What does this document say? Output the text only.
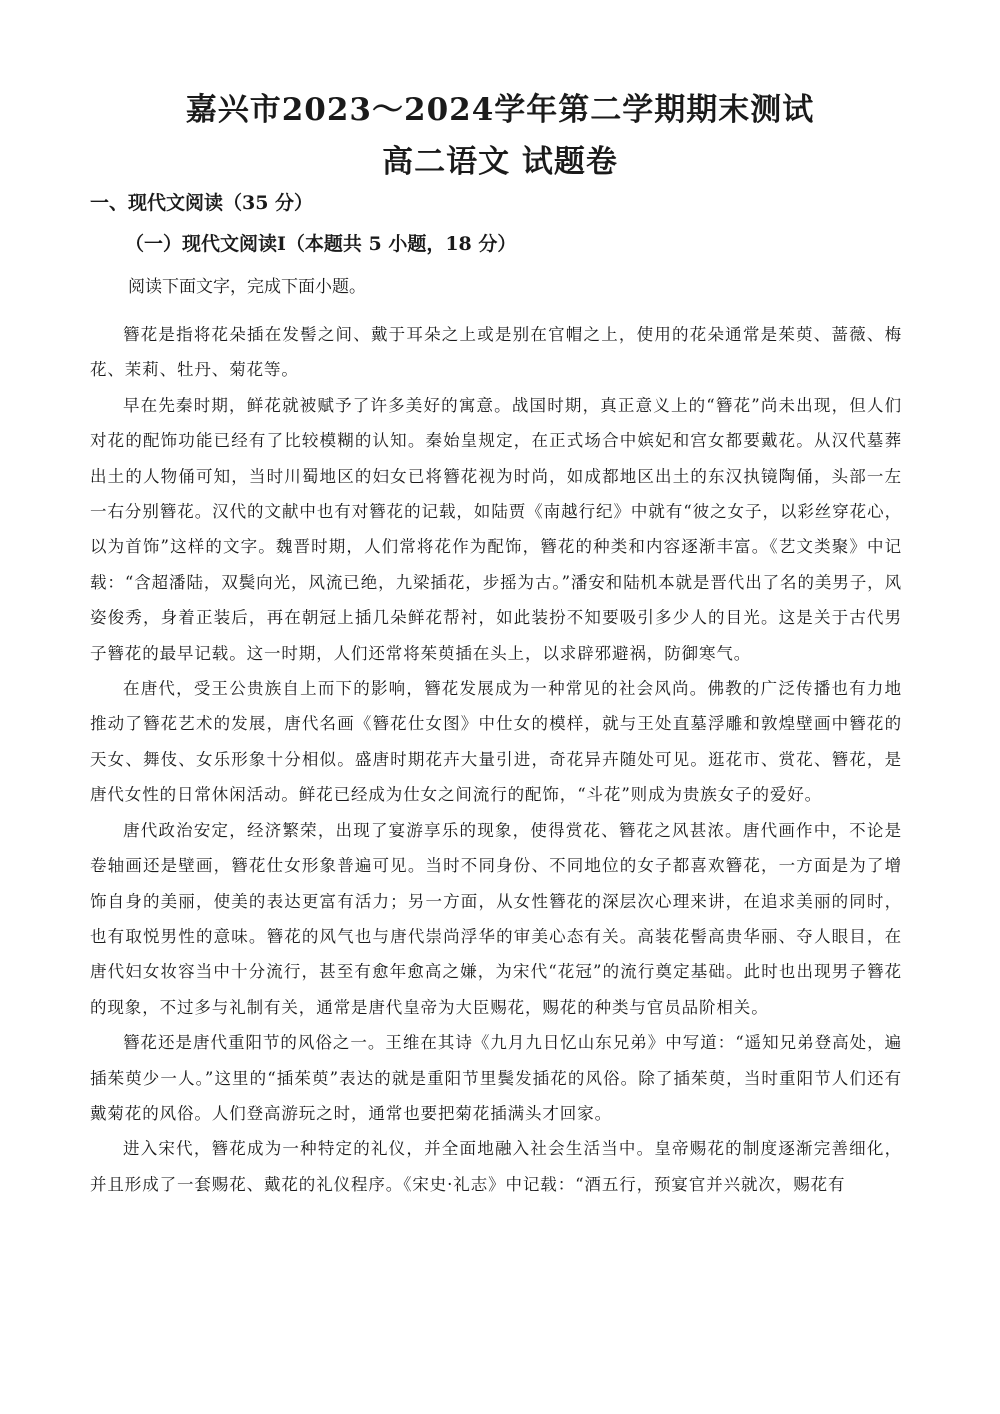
嘉兴市2023～2024学年第二学期期末测试
高二语文 试题卷
一、现代文阅读（35 分）
（一）现代文阅读Ⅰ（本题共 5 小题，18 分）
阅读下面文字，完成下面小题。

簪花是指将花朵插在发髻之间、戴于耳朵之上或是别在官帽之上，使用的花朵通常是茱萸、蔷薇、梅花、茉莉、牡丹、菊花等。

早在先秦时期，鲜花就被赋予了许多美好的寓意。战国时期，真正意义上的“簪花”尚未出现，但人们对花的配饰功能已经有了比较模糊的认知。秦始皇规定，在正式场合中嫔妃和宫女都要戴花。从汉代墓葬出土的人物俑可知，当时川蜀地区的妇女已将簪花视为时尚，如成都地区出土的东汉执镜陶俑，头部一左一右分别簪花。汉代的文献中也有对簪花的记载，如陆贾《南越行纪》中就有“彼之女子，以彩丝穿花心，以为首饰”这样的文字。魏晋时期，人们常将花作为配饰，簪花的种类和内容逐渐丰富。《艺文类聚》中记载：“含超潘陆，双鬓向光，风流已绝，九梁插花，步摇为古。”潘安和陆机本就是晋代出了名的美男子，风姿俊秀，身着正装后，再在朝冠上插几朵鲜花帮衬，如此装扮不知要吸引多少人的目光。这是关于古代男子簪花的最早记载。这一时期，人们还常将茱萸插在头上，以求辟邪避祸，防御寒气。

在唐代，受王公贵族自上而下的影响，簪花发展成为一种常见的社会风尚。佛教的广泛传播也有力地推动了簪花艺术的发展，唐代名画《簪花仕女图》中仕女的模样，就与王处直墓浮雕和敦煌壁画中簪花的天女、舞伎、女乐形象十分相似。盛唐时期花卉大量引进，奇花异卉随处可见。逛花市、赏花、簪花，是唐代女性的日常休闲活动。鲜花已经成为仕女之间流行的配饰，“斗花”则成为贵族女子的爱好。

唐代政治安定，经济繁荣，出现了宴游享乐的现象，使得赏花、簪花之风甚浓。唐代画作中，不论是卷轴画还是壁画，簪花仕女形象普遍可见。当时不同身份、不同地位的女子都喜欢簪花，一方面是为了增饰自身的美丽，使美的表达更富有活力；另一方面，从女性簪花的深层次心理来讲，在追求美丽的同时，也有取悦男性的意味。簪花的风气也与唐代崇尚浮华的审美心态有关。高装花髻高贵华丽、夺人眼目，在唐代妇女妆容当中十分流行，甚至有愈年愈高之嫌，为宋代“花冠”的流行奠定基础。此时也出现男子簪花的现象，不过多与礼制有关，通常是唐代皇帝为大臣赐花，赐花的种类与官员品阶相关。

簪花还是唐代重阳节的风俗之一。王维在其诗《九月九日忆山东兄弟》中写道：“遥知兄弟登高处，遍插茱萸少一人。”这里的“插茱萸”表达的就是重阳节里鬓发插花的风俗。除了插茱萸，当时重阳节人们还有戴菊花的风俗。人们登高游玩之时，通常也要把菊花插满头才回家。

进入宋代，簪花成为一种特定的礼仪，并全面地融入社会生活当中。皇帝赐花的制度逐渐完善细化，并且形成了一套赐花、戴花的礼仪程序。《宋史·礼志》中记载：“酒五行，预宴官并兴就次，赐花有
